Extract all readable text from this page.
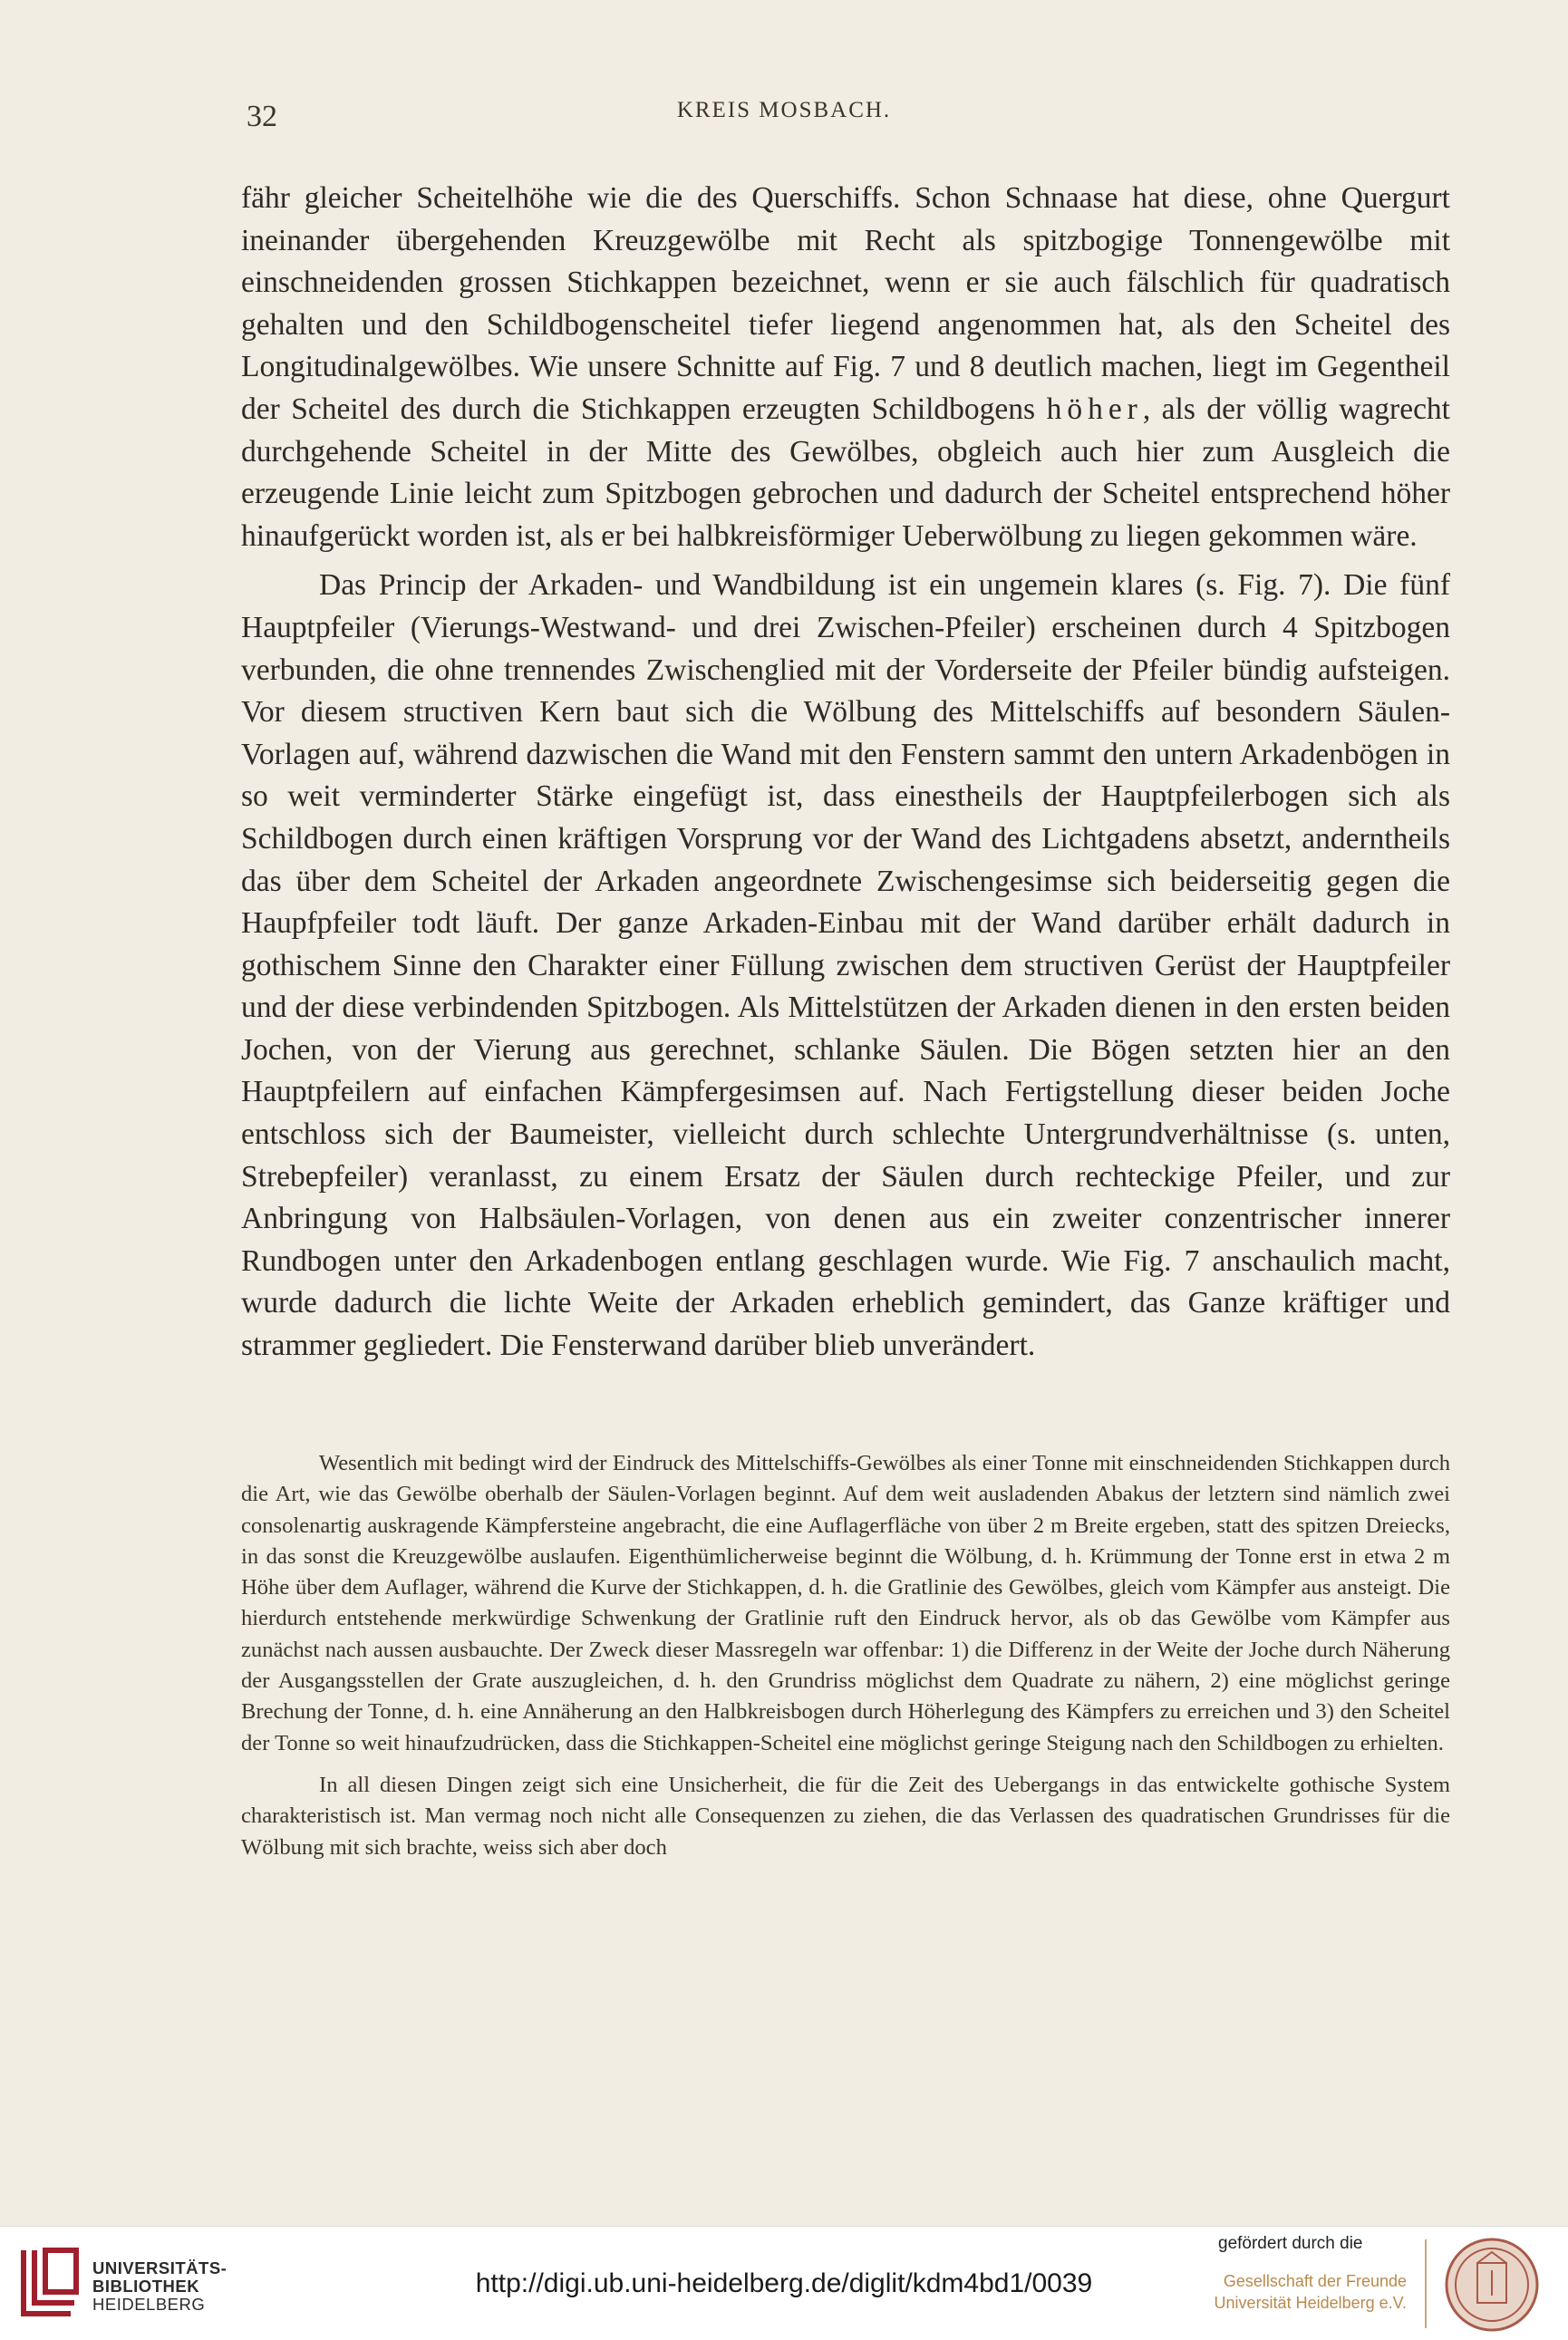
32	KREIS MOSBACH.

fähr gleicher Scheitelhöhe wie die des Querschiffs. Schon Schnaase hat diese, ohne Quergurt ineinander übergehenden Kreuzgewölbe mit Recht als spitzbogige Tonnengewölbe mit einschneidenden grossen Stichkappen bezeichnet, wenn er sie auch fälschlich für quadratisch gehalten und den Schildbogenscheitel tiefer liegend angenommen hat, als den Scheitel des Longitudinalgewölbes. Wie unsere Schnitte auf Fig. 7 und 8 deutlich machen, liegt im Gegentheil der Scheitel des durch die Stichkappen erzeugten Schildbogens höher, als der völlig wagrecht durchgehende Scheitel in der Mitte des Gewölbes, obgleich auch hier zum Ausgleich die erzeugende Linie leicht zum Spitzbogen gebrochen und dadurch der Scheitel entsprechend höher hinaufgerückt worden ist, als er bei halbkreisförmiger Ueberwölbung zu liegen gekommen wäre.

Das Princip der Arkaden- und Wandbildung ist ein ungemein klares (s. Fig. 7). Die fünf Hauptpfeiler (Vierungs-Westwand- und drei Zwischen-Pfeiler) erscheinen durch 4 Spitzbogen verbunden, die ohne trennendes Zwischenglied mit der Vorderseite der Pfeiler bündig aufsteigen. Vor diesem structiven Kern baut sich die Wölbung des Mittelschiffs auf besondern Säulen-Vorlagen auf, während dazwischen die Wand mit den Fenstern sammt den untern Arkadenbögen in so weit verminderter Stärke eingefügt ist, dass einestheils der Hauptpfeilerbogen sich als Schildbogen durch einen kräftigen Vorsprung vor der Wand des Lichtgadens absetzt, anderntheils das über dem Scheitel der Arkaden angeordnete Zwischengesimse sich beiderseitig gegen die Haupfpfeiler todt läuft. Der ganze Arkaden-Einbau mit der Wand darüber erhält dadurch in gothischem Sinne den Charakter einer Füllung zwischen dem structiven Gerüst der Hauptpfeiler und der diese verbindenden Spitzbogen. Als Mittelstützen der Arkaden dienen in den ersten beiden Jochen, von der Vierung aus gerechnet, schlanke Säulen. Die Bögen setzten hier an den Hauptpfeilern auf einfachen Kämpfergesimsen auf. Nach Fertigstellung dieser beiden Joche entschloss sich der Baumeister, vielleicht durch schlechte Untergrundverhältnisse (s. unten, Strebepfeiler) veranlasst, zu einem Ersatz der Säulen durch rechteckige Pfeiler, und zur Anbringung von Halbsäulen-Vorlagen, von denen aus ein zweiter conzentrischer innerer Rundbogen unter den Arkadenbogen entlang geschlagen wurde. Wie Fig. 7 anschaulich macht, wurde dadurch die lichte Weite der Arkaden erheblich gemindert, das Ganze kräftiger und strammer gegliedert. Die Fensterwand darüber blieb unverändert.

Wesentlich mit bedingt wird der Eindruck des Mittelschiffs-Gewölbes als einer Tonne mit einschneidenden Stichkappen durch die Art, wie das Gewölbe oberhalb der Säulen-Vorlagen beginnt. Auf dem weit ausladenden Abakus der letztern sind nämlich zwei consolenartig auskragende Kämpfersteine angebracht, die eine Auflagerfläche von über 2 m Breite ergeben, statt des spitzen Dreiecks, in das sonst die Kreuzgewölbe auslaufen. Eigenthümlicherweise beginnt die Wölbung, d. h. Krümmung der Tonne erst in etwa 2 m Höhe über dem Auflager, während die Kurve der Stichkappen, d. h. die Gratlinie des Gewölbes, gleich vom Kämpfer aus ansteigt. Die hierdurch entstehende merkwürdige Schwenkung der Gratlinie ruft den Eindruck hervor, als ob das Gewölbe vom Kämpfer aus zunächst nach aussen ausbauchte. Der Zweck dieser Massregeln war offenbar: 1) die Differenz in der Weite der Joche durch Näherung der Ausgangsstellen der Grate auszugleichen, d. h. den Grundriss möglichst dem Quadrate zu nähern, 2) eine möglichst geringe Brechung der Tonne, d. h. eine Annäherung an den Halbkreisbogen durch Höherlegung des Kämpfers zu erreichen und 3) den Scheitel der Tonne so weit hinaufzudrücken, dass die Stichkappen-Scheitel eine möglichst geringe Steigung nach den Schildbogen zu erhielten.

In all diesen Dingen zeigt sich eine Unsicherheit, die für die Zeit des Uebergangs in das entwickelte gothische System charakteristisch ist. Man vermag noch nicht alle Consequenzen zu ziehen, die das Verlassen des quadratischen Grundrisses für die Wölbung mit sich brachte, weiss sich aber doch

UNIVERSITÄTS-
BIBLIOTHEK
HEIDELBERG
http://digi.ub.uni-heidelberg.de/diglit/kdm4bd1/0039
gefördert durch die
Gesellschaft der Freunde
Universität Heidelberg e.V.
